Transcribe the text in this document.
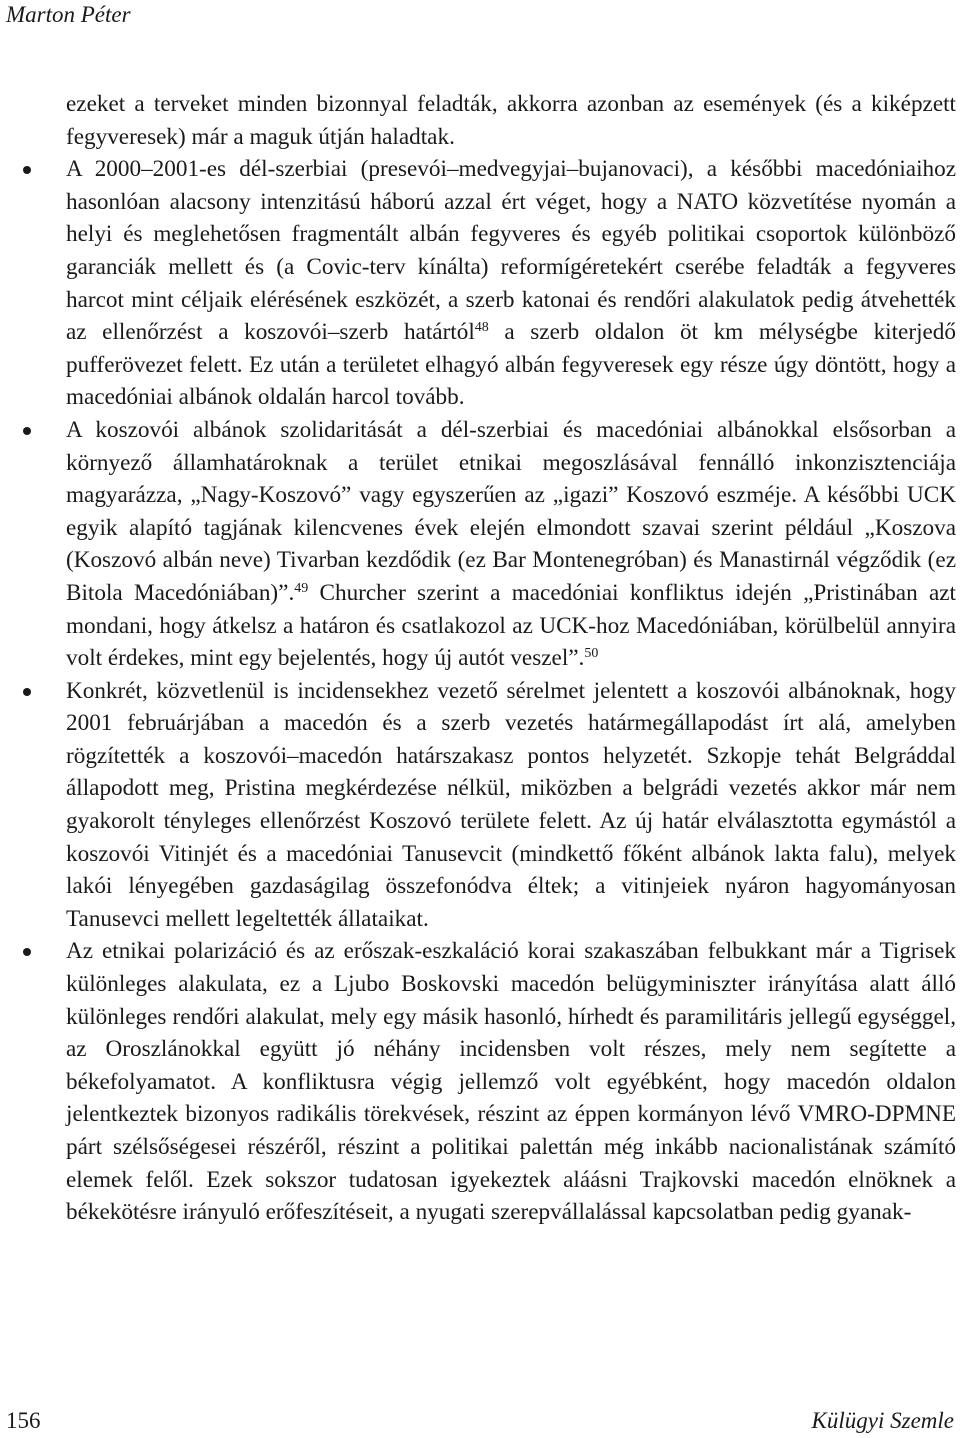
Marton Péter

ezeket a terveket minden bizonnyal feladták, akkorra azonban az események (és a kiképzett fegyveresek) már a maguk útján haladtak.

A 2000–2001-es dél-szerbiai (presevói–medvegyjai–bujanovaci), a későbbi macedóniaihoz hasonlóan alacsony intenzitású háború azzal ért véget, hogy a NATO közvetítése nyomán a helyi és meglehetősen fragmentált albán fegyveres és egyéb politikai csoportok különböző garanciák mellett és (a Covic-terv kínálta) reformígéretekért cserébe feladták a fegyveres harcot mint céljaik elérésének eszközét, a szerb katonai és rendőri alakulatok pedig átvehették az ellenőrzést a koszovói–szerb határtól$^{48}$ a szerb oldalon öt km mélységbe kiterjedő pufferövezet felett. Ez után a területet elhagyó albán fegyveresek egy része úgy döntött, hogy a macedóniai albánok oldalán harcol tovább.
A koszovói albánok szolidaritását a dél-szerbiai és macedóniai albánokkal elsősorban a környező államhatároknak a terület etnikai megoszlásával fennálló inkonzisztenciája magyarázza, „Nagy-Koszovó” vagy egyszerűen az „igazi” Koszovó eszméje. A későbbi UCK egyik alapító tagjának kilencvenes évek elején elmondott szavai szerint például „Koszova (Koszovó albán neve) Tivarban kezdődik (ez Bar Montenegróban) és Manastirnál végződik (ez Bitola Macedóniában)”.$^{49}$ Churcher szerint a macedóniai konfliktus idején „Pristinában azt mondani, hogy átkelsz a határon és csatlakozol az UCK-hoz Macedóniában, körülbelül annyira volt érdekes, mint egy bejelentés, hogy új autót veszel”.$^{50}$
Konkrét, közvetlenül is incidensekhez vezető sérelmet jelentett a koszovói albánoknak, hogy 2001 februárjában a macedón és a szerb vezetés határmegállapodást írt alá, amelyben rögzítették a koszovói–macedón határszakasz pontos helyzetét. Szkopje tehát Belgráddal állapodott meg, Pristina megkérdezése nélkül, miközben a belgrádi vezetés akkor már nem gyakorolt tényleges ellenőrzést Koszovó területe felett. Az új határ elválasztotta egymástól a koszovói Vitinjét és a macedóniai Tanusevcit (mindkettő főként albánok lakta falu), melyek lakói lényegében gazdaságilag összefonódva éltek; a vitinjeiek nyáron hagyományosan Tanusevci mellett legeltették állataikat.
Az etnikai polarizáció és az erőszak-eszkaláció korai szakaszában felbukkant már a Tigrisek különleges alakulata, ez a Ljubo Boskovski macedón belügyminiszter irányítása alatt álló különleges rendőri alakulat, mely egy másik hasonló, hírhedt és paramilitáris jellegű egységgel, az Oroszlánokkal együtt jó néhány incidensben volt részes, mely nem segítette a békefolyamatot. A konfliktusra végig jellemző volt egyébként, hogy macedón oldalon jelentkeztek bizonyos radikális törekvések, részint az éppen kormányon lévő VMRO-DPMNE párt szélsőségesei részéről, részint a politikai palettán még inkább nacionalistának számító elemek felől. Ezek sokszor tudatosan igyekeztek aláásni Trajkovski macedón elnöknek a békekötésre irányuló erőfeszítéseit, a nyugati szerepvállalással kapcsolatban pedig gyanak-
156	Külügyi Szemle
